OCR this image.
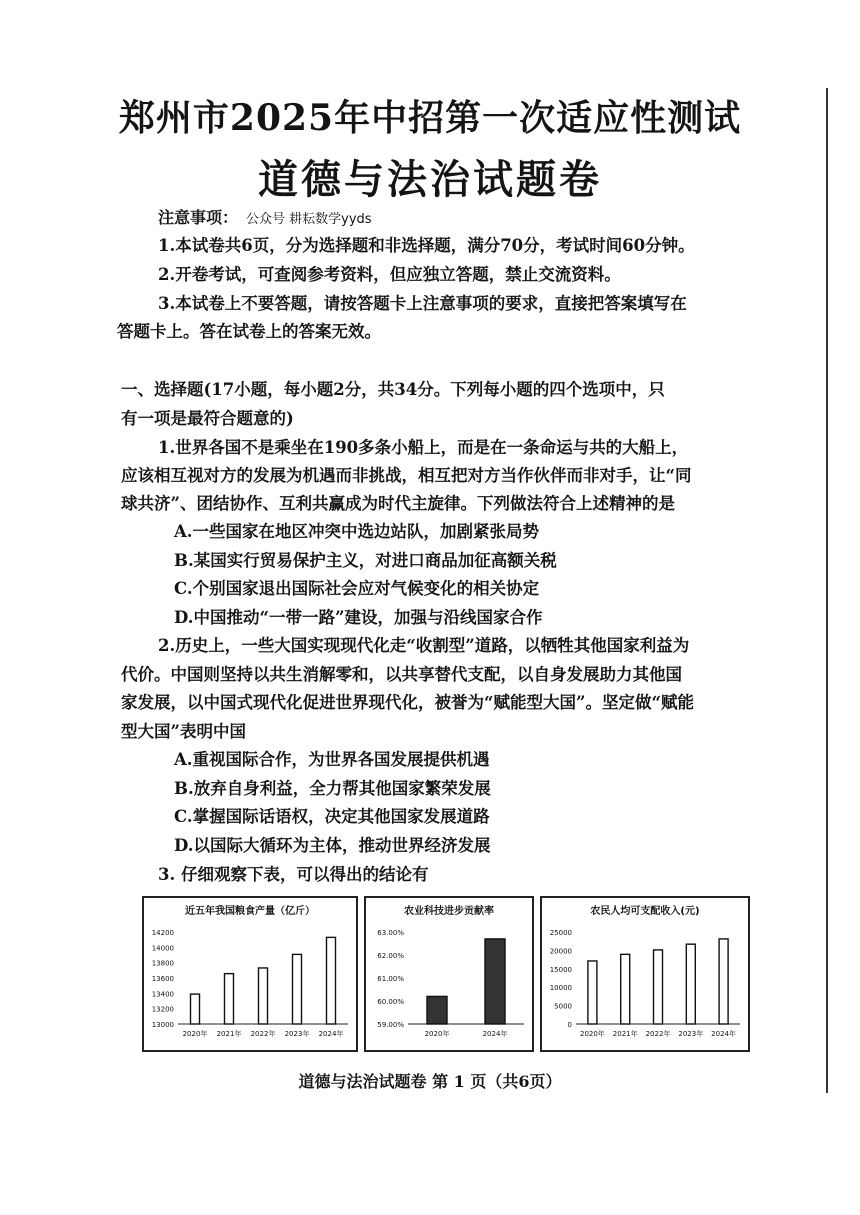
郑州市2025年中招第一次适应性测试
道德与法治试题卷
注意事项： 公众号 耕耘数学yyds
1.本试卷共6页，分为选择题和非选择题，满分70分，考试时间60分钟。
2.开卷考试，可查阅参考资料，但应独立答题，禁止交流资料。
3.本试卷上不要答题，请按答题卡上注意事项的要求，直接把答案填写在
答题卡上。答在试卷上的答案无效。
一、选择题(17小题，每小题2分，共34分。下列每小题的四个选项中，只
有一项是最符合题意的)
1.世界各国不是乘坐在190多条小船上，而是在一条命运与共的大船上，
应该相互视对方的发展为机遇而非挑战，相互把对方当作伙伴而非对手，让“同
球共济”、团结协作、互利共赢成为时代主旋律。下列做法符合上述精神的是
A.一些国家在地区冲突中选边站队，加剧紧张局势
B.某国实行贸易保护主义，对进口商品加征高额关税
C.个别国家退出国际社会应对气候变化的相关协定
D.中国推动“一带一路”建设，加强与沿线国家合作
2.历史上，一些大国实现现代化走“收割型”道路，以牺牲其他国家利益为
代价。中国则坚持以共生消解零和，以共享替代支配，以自身发展助力其他国
家发展，以中国式现代化促进世界现代化，被誉为“赋能型大国”。坚定做“赋能
型大国”表明中国
A.重视国际合作，为世界各国发展提供机遇
B.放弃自身利益，全力帮其他国家繁荣发展
C.掌握国际话语权，决定其他国家发展道路
D.以国际大循环为主体，推动世界经济发展
3. 仔细观察下表，可以得出的结论有
近五年我国粮食产量（亿斤）
14200
14000
13800
13600
13400
13200
13000
2020年 2021年 2022年 2023年 2024年
农业科技进步贡献率
63.00%
62.00%
61.00%
60.00%
59.00%
2020年	2024年
农民人均可支配收入(元)
25000
20000
15000
10000
5000
0
2020年 2021年 2022年 2023年 2024年
道德与法治试题卷 第 1 页（共6页）
